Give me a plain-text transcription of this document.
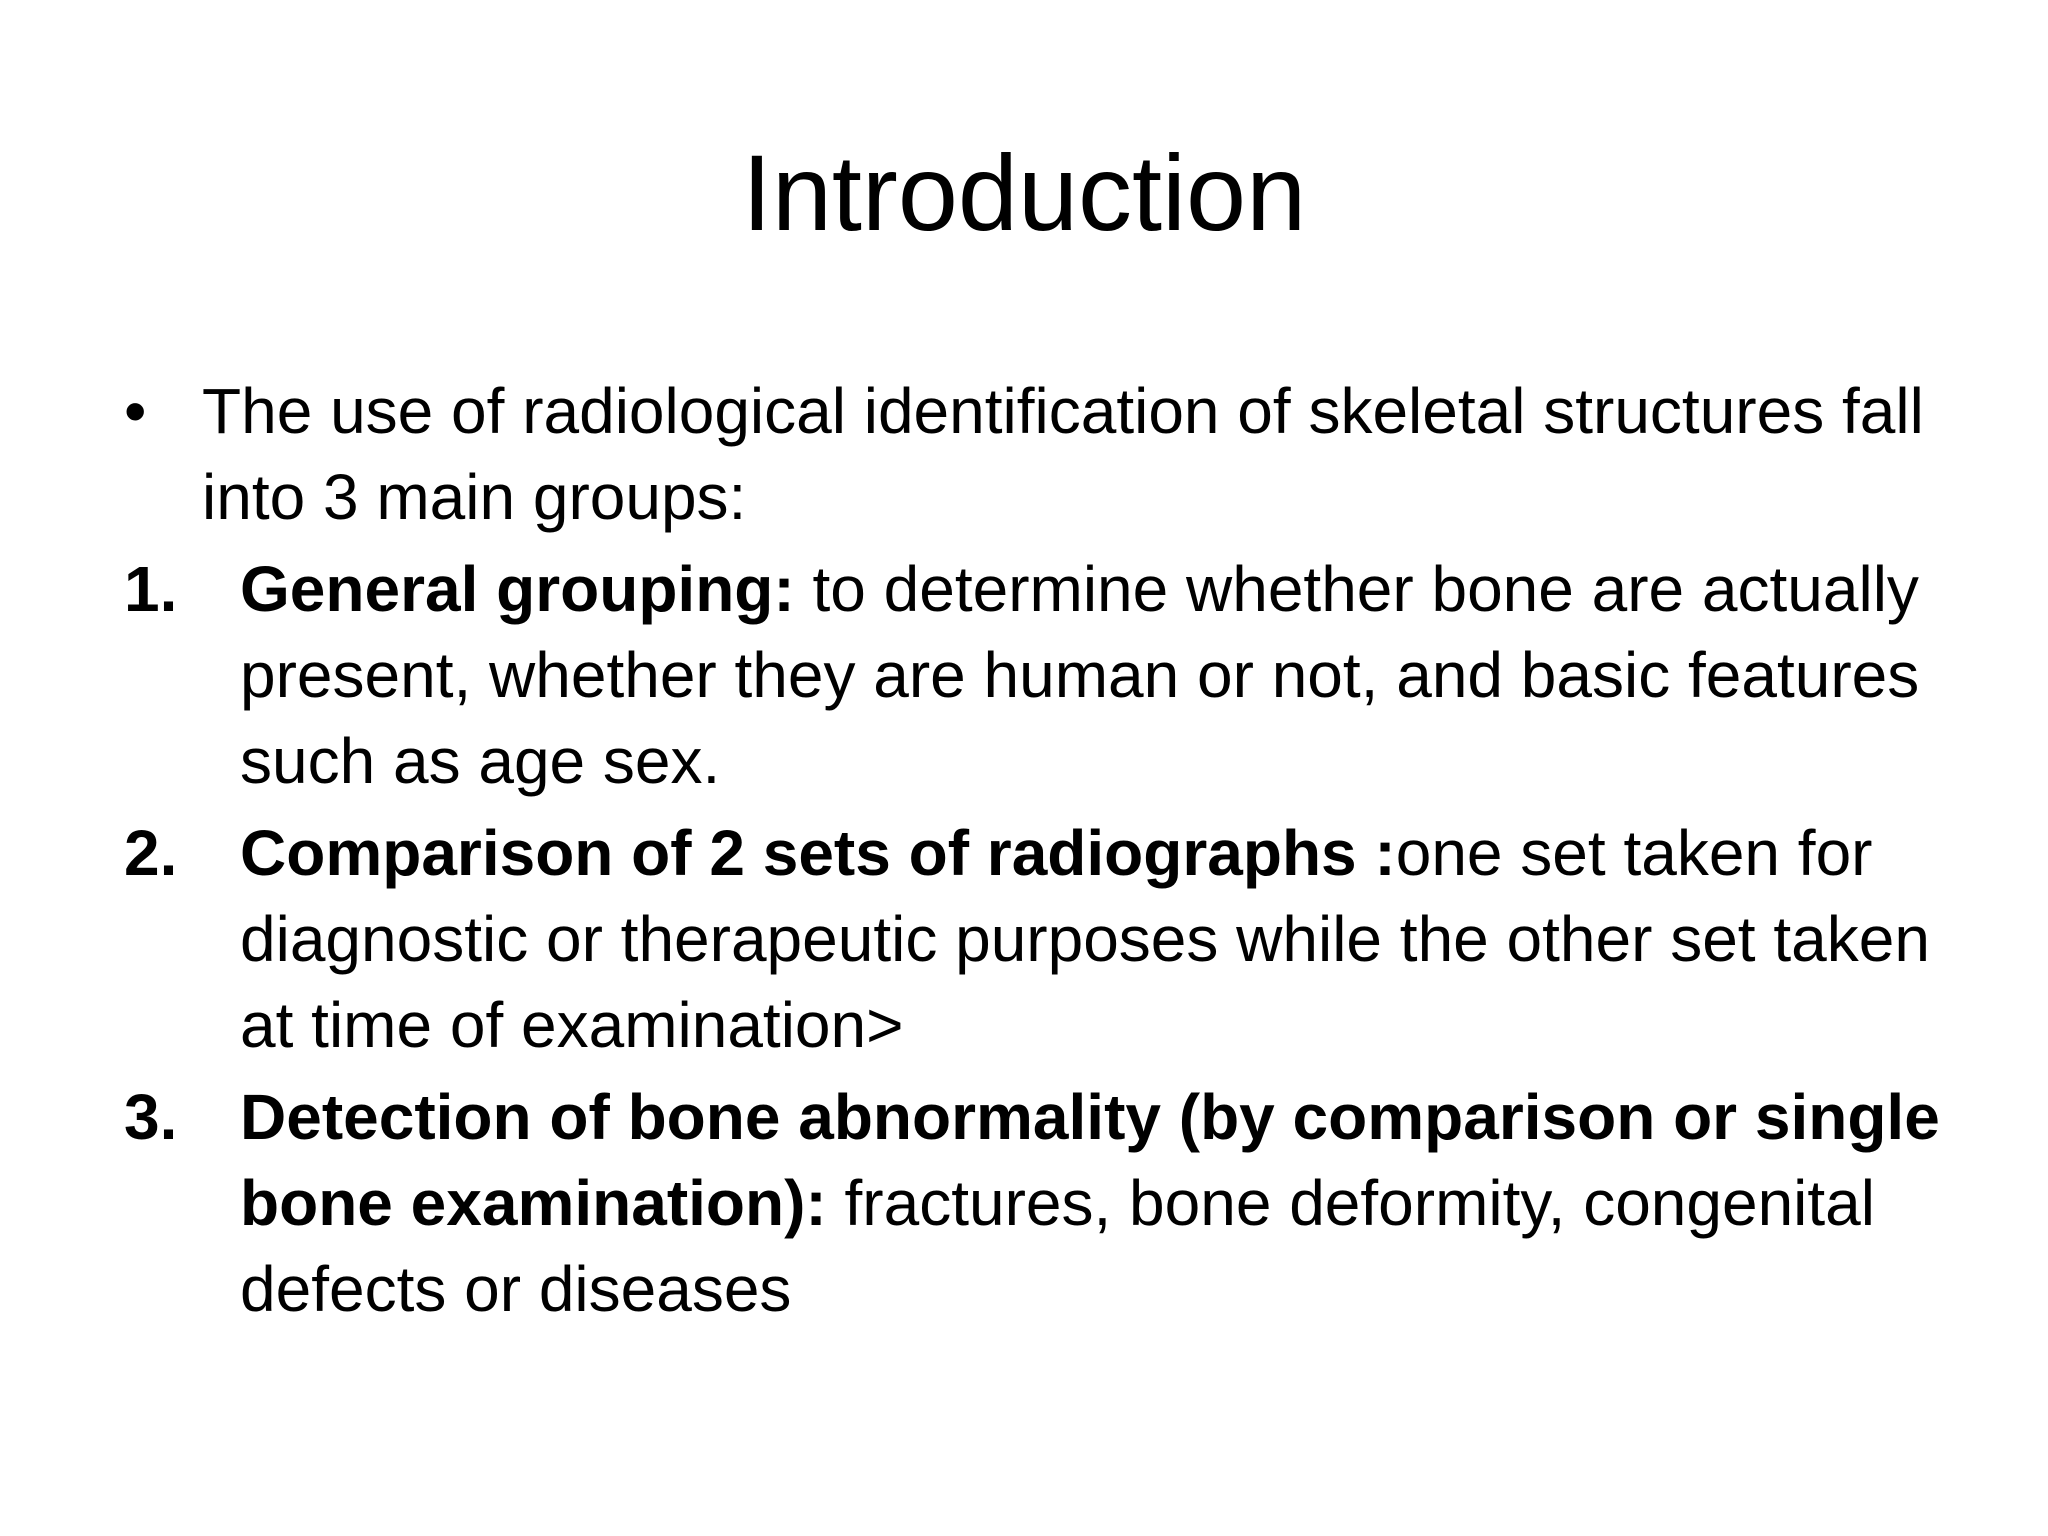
Introduction
• The use of radiological identification of skeletal structures fall into 3 main groups:
1. General grouping: to determine whether bone are actually present, whether they are human or not, and basic features such as age sex.
2. Comparison of 2 sets of radiographs :one set taken for diagnostic or therapeutic purposes while the other set taken at time of examination>
3. Detection of bone abnormality (by comparison or single bone examination): fractures, bone deformity, congenital defects or diseases
